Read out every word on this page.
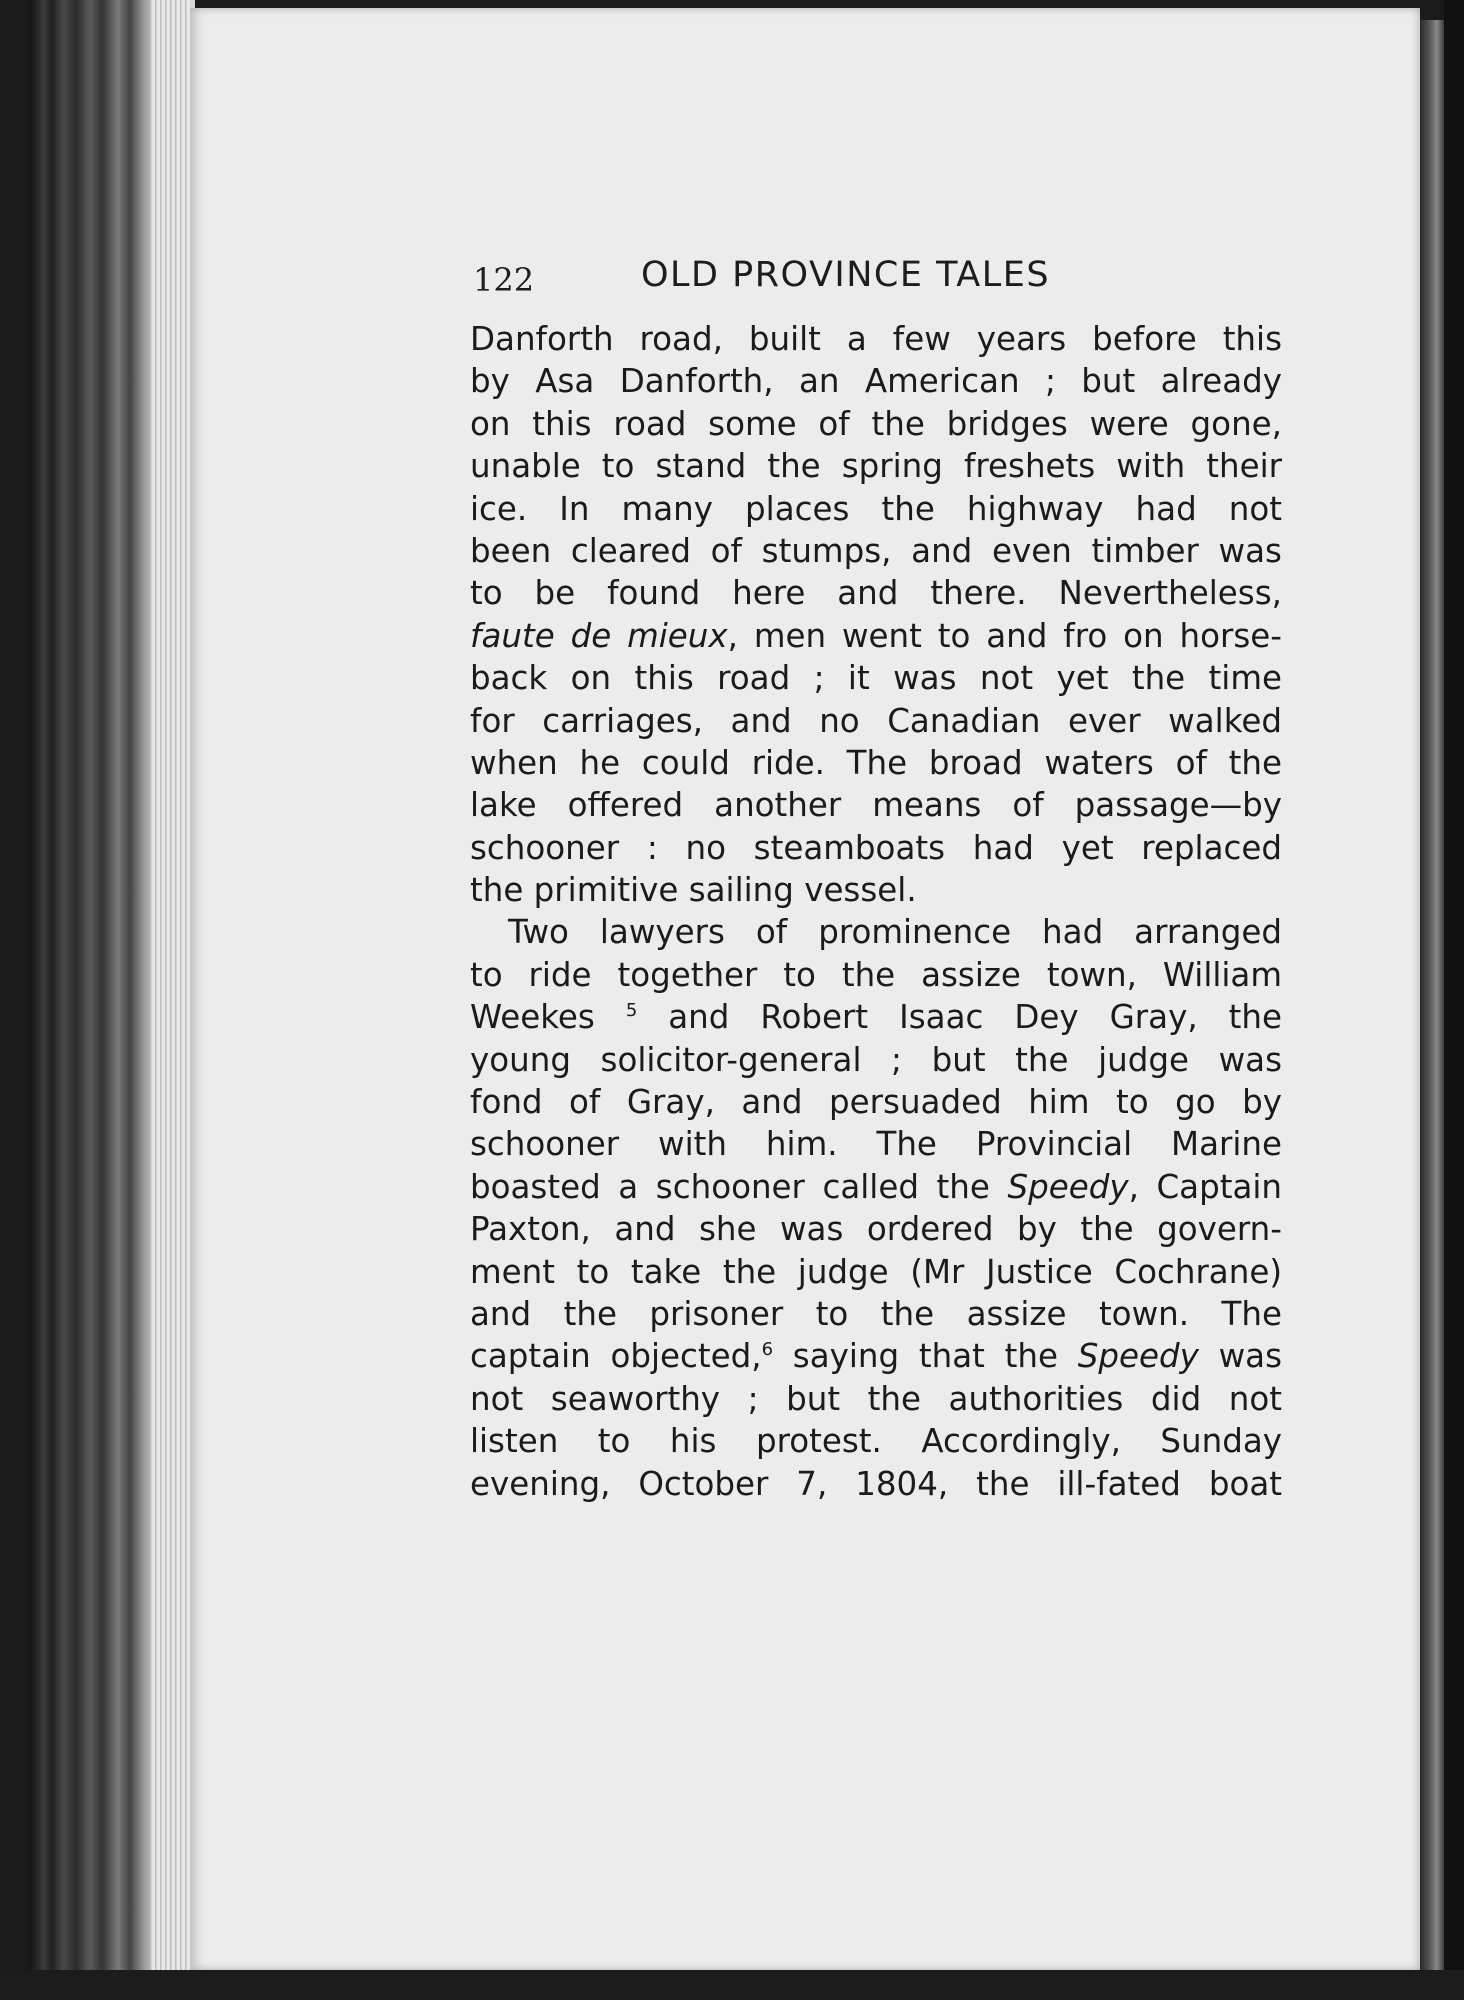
122	OLD PROVINCE TALES
Danforth road, built a few years before this
by Asa Danforth, an American ; but already
on this road some of the bridges were gone,
unable to stand the spring freshets with their
ice. In many places the highway had not
been cleared of stumps, and even timber was
to be found here and there. Nevertheless,
faute de mieux, men went to and fro on horse-
back on this road ; it was not yet the time
for carriages, and no Canadian ever walked
when he could ride. The broad waters of the
lake offered another means of passage—by
schooner : no steamboats had yet replaced
the primitive sailing vessel.
Two lawyers of prominence had arranged
to ride together to the assize town, William
Weekes $^5$ and Robert Isaac Dey Gray, the
young solicitor-general ; but the judge was
fond of Gray, and persuaded him to go by
schooner with him. The Provincial Marine
boasted a schooner called the Speedy, Captain
Paxton, and she was ordered by the govern-
ment to take the judge (Mr Justice Cochrane)
and the prisoner to the assize town. The
captain objected,$^6$ saying that the Speedy was
not seaworthy ; but the authorities did not
listen to his protest. Accordingly, Sunday
evening, October 7, 1804, the ill-fated boat
